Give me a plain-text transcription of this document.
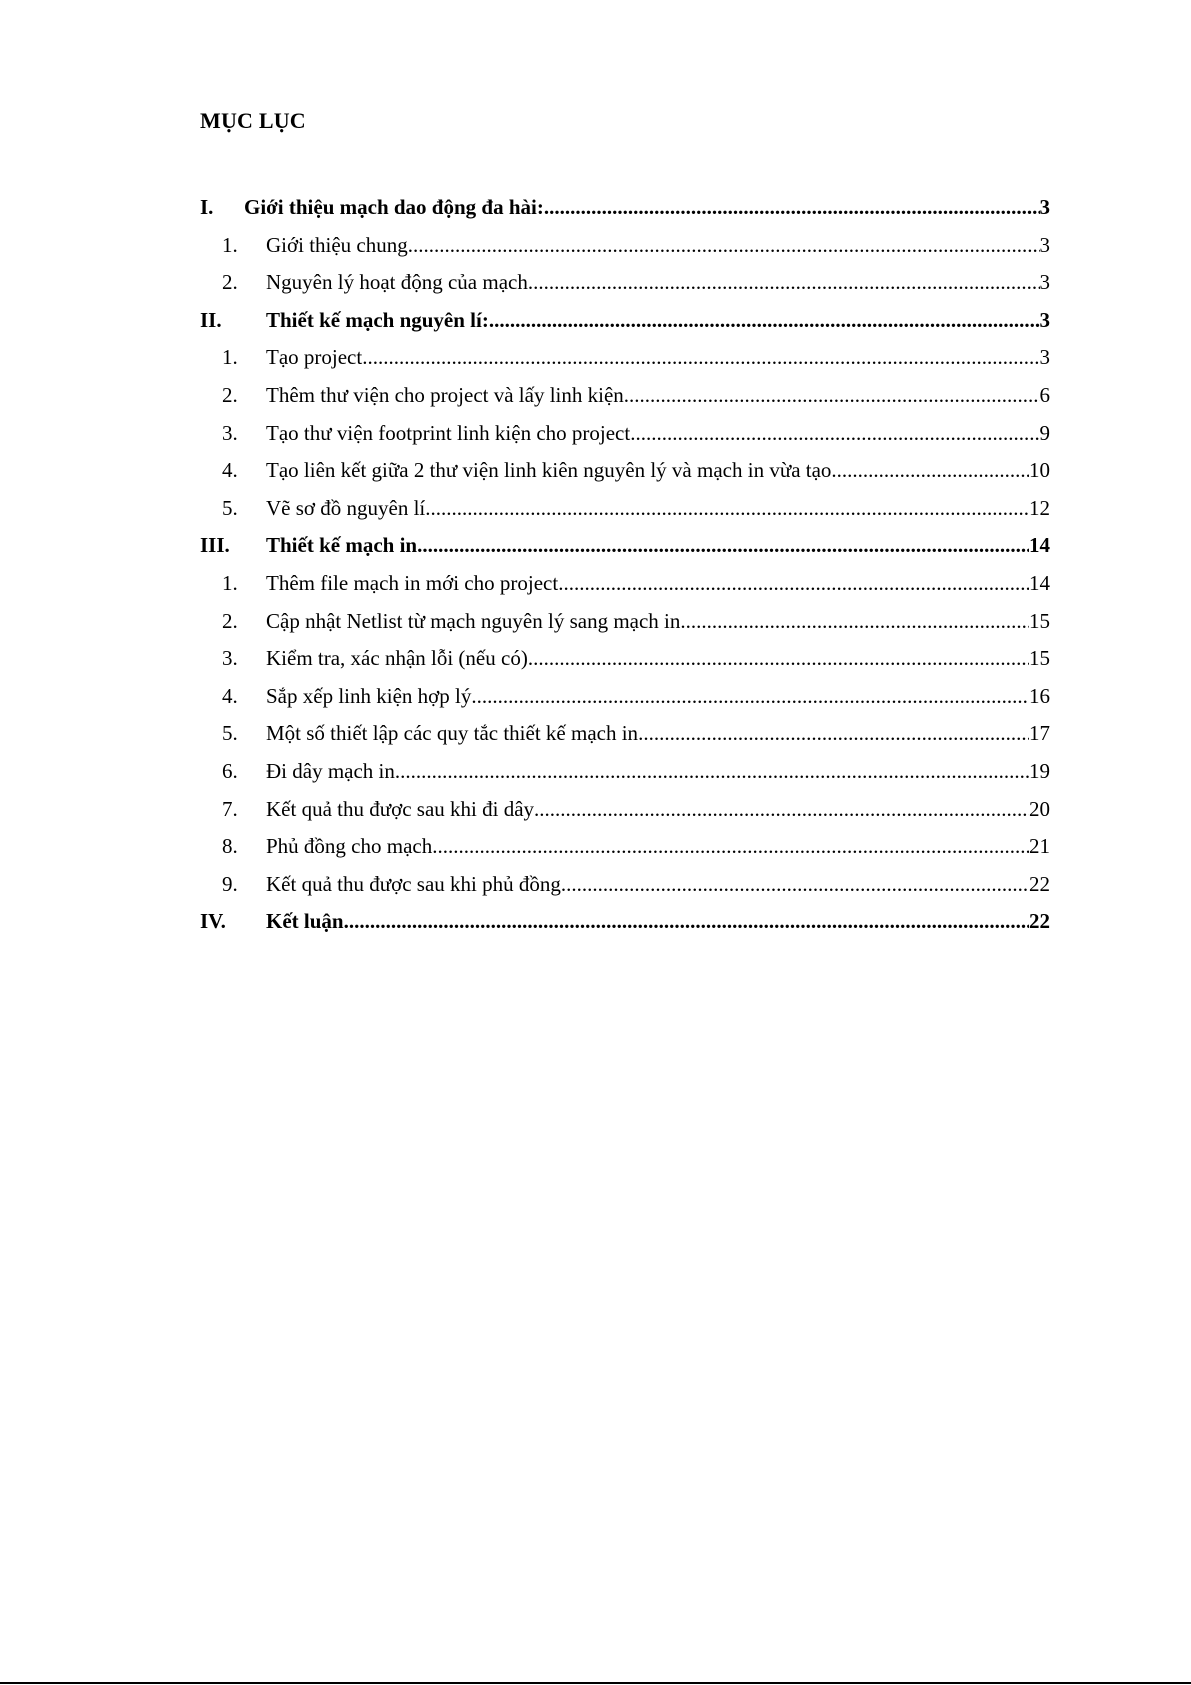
MỤC LỤC
I.	Giới thiệu mạch dao động đa hài: .....	3
1.	Giới thiệu chung .....	3
2.	Nguyên lý hoạt động của mạch .....	3
II.	Thiết kế mạch nguyên lí: .....	3
1.	Tạo project .....	3
2.	Thêm thư viện cho project và lấy linh kiện .....	6
3.	Tạo thư viện footprint linh kiện cho project .....	9
4.	Tạo liên kết giữa 2 thư viện linh kiên nguyên lý và mạch in vừa tạo .....	10
5.	Vẽ sơ đồ nguyên lí .....	12
III.	Thiết kế mạch in .....	14
1.	Thêm file mạch in mới cho project .....	14
2.	Cập nhật Netlist từ mạch nguyên lý sang mạch in .....	15
3.	Kiểm tra, xác nhận lỗi (nếu có) .....	15
4.	Sắp xếp linh kiện hợp lý .....	16
5.	Một số thiết lập các quy tắc thiết kế mạch in .....	17
6.	Đi dây mạch in .....	19
7.	Kết quả thu được sau khi đi dây .....	20
8.	Phủ đồng cho mạch .....	21
9.	Kết quả thu được sau khi phủ đồng .....	22
IV.	Kết luận .....	22
